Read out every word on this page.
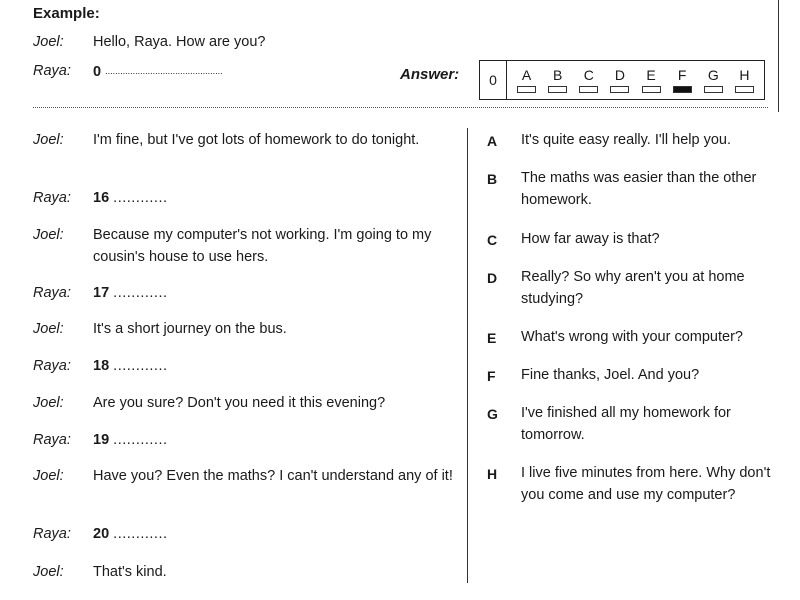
Example:
Joel: Hello, Raya. How are you?
Raya: 0 ...............................................	Answer:	0	A B C D E F G H
Joel: I'm fine, but I've got lots of homework to do tonight.
Raya: 16 ............
Joel: Because my computer's not working. I'm going to my cousin's house to use hers.
Raya: 17 ............
Joel: It's a short journey on the bus.
Raya: 18 ............
Joel: Are you sure? Don't you need it this evening?
Raya: 19 ............
Joel: Have you? Even the maths? I can't understand any of it!
Raya: 20 ............
Joel: That's kind.
A It's quite easy really. I'll help you.
B The maths was easier than the other homework.
C How far away is that?
D Really? So why aren't you at home studying?
E What's wrong with your computer?
F Fine thanks, Joel. And you?
G I've finished all my homework for tomorrow.
H I live five minutes from here. Why don't you come and use my computer?
